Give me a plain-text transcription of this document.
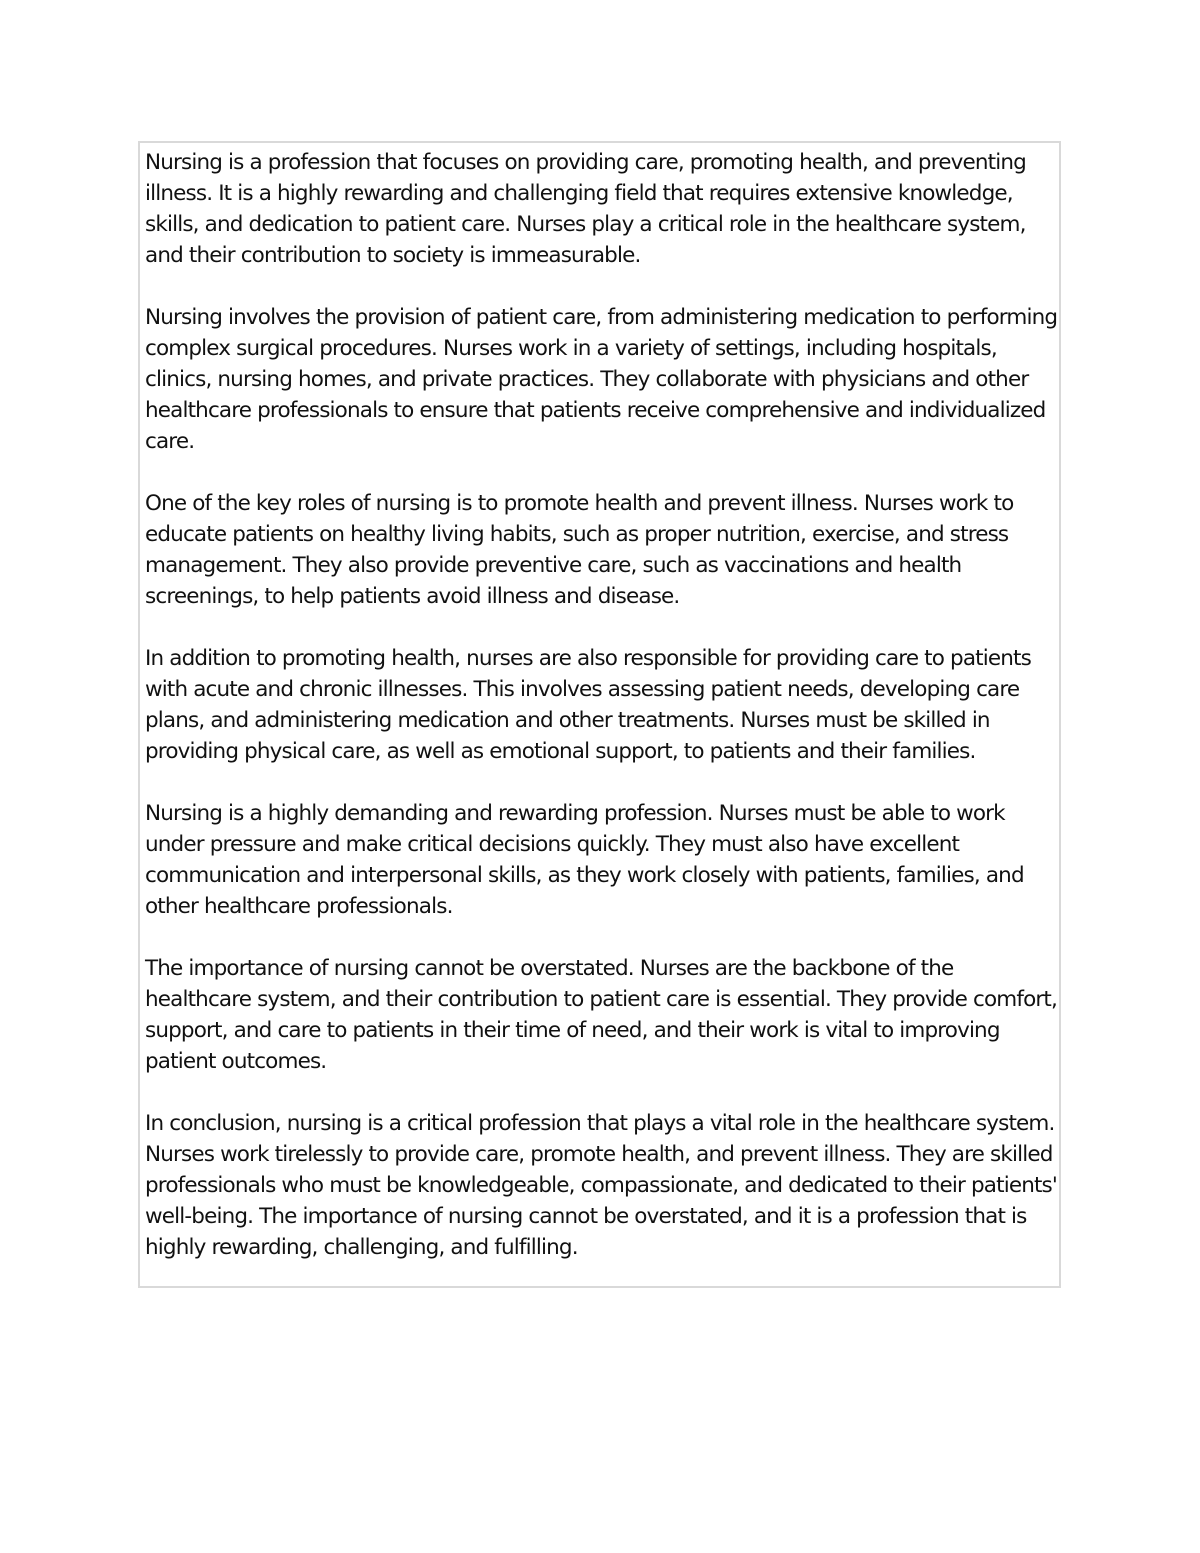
Nursing is a profession that focuses on providing care, promoting health, and preventing illness. It is a highly rewarding and challenging field that requires extensive knowledge, skills, and dedication to patient care. Nurses play a critical role in the healthcare system, and their contribution to society is immeasurable.

Nursing involves the provision of patient care, from administering medication to performing complex surgical procedures. Nurses work in a variety of settings, including hospitals, clinics, nursing homes, and private practices. They collaborate with physicians and other healthcare professionals to ensure that patients receive comprehensive and individualized care.

One of the key roles of nursing is to promote health and prevent illness. Nurses work to educate patients on healthy living habits, such as proper nutrition, exercise, and stress management. They also provide preventive care, such as vaccinations and health screenings, to help patients avoid illness and disease.

In addition to promoting health, nurses are also responsible for providing care to patients with acute and chronic illnesses. This involves assessing patient needs, developing care plans, and administering medication and other treatments. Nurses must be skilled in providing physical care, as well as emotional support, to patients and their families.

Nursing is a highly demanding and rewarding profession. Nurses must be able to work under pressure and make critical decisions quickly. They must also have excellent communication and interpersonal skills, as they work closely with patients, families, and other healthcare professionals.

The importance of nursing cannot be overstated. Nurses are the backbone of the healthcare system, and their contribution to patient care is essential. They provide comfort, support, and care to patients in their time of need, and their work is vital to improving patient outcomes.

In conclusion, nursing is a critical profession that plays a vital role in the healthcare system. Nurses work tirelessly to provide care, promote health, and prevent illness. They are skilled professionals who must be knowledgeable, compassionate, and dedicated to their patients' well-being. The importance of nursing cannot be overstated, and it is a profession that is highly rewarding, challenging, and fulfilling.
